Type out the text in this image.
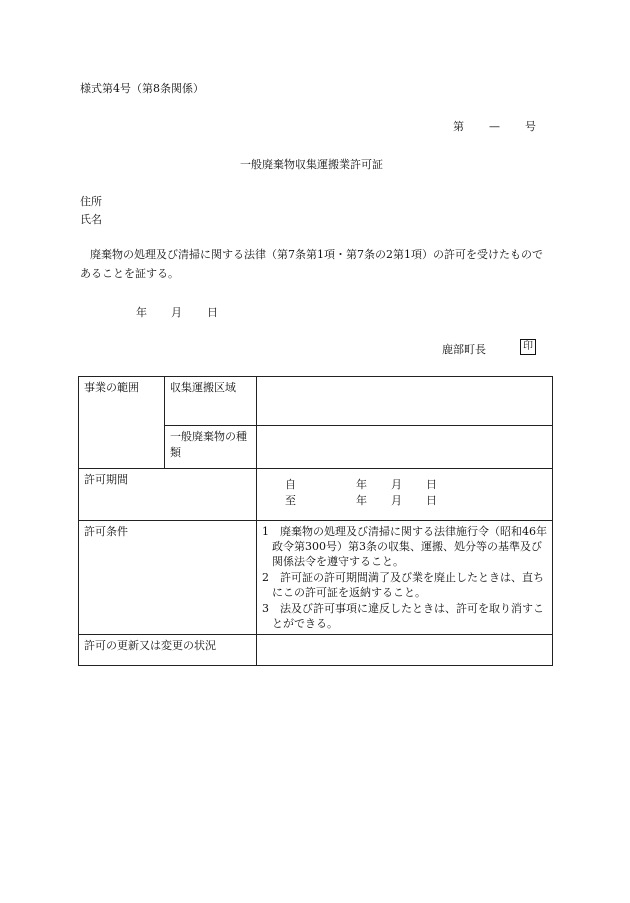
様式第4号（第8条関係）
第 — 号
一般廃棄物収集運搬業許可証
住所
氏名
廃棄物の処理及び清掃に関する法律（第7条第1項・第7条の2第1項）の許可を受けたものであることを証する。
年 月 日
鹿部町長	印
事業の範囲	収集運搬区域	
	一般廃棄物の種類	
許可期間		自 年 月 日
至 年 月 日

許可条件		1　廃棄物の処理及び清掃に関する法律施行令（昭和46年政令第300号）第3条の収集、運搬、処分等の基準及び関係法令を遵守すること。
2　許可証の許可期間満了及び業を廃止したときは、直ちにこの許可証を返納すること。
3　法及び許可事項に違反したときは、許可を取り消すことができる。

許可の更新又は変更の状況		
